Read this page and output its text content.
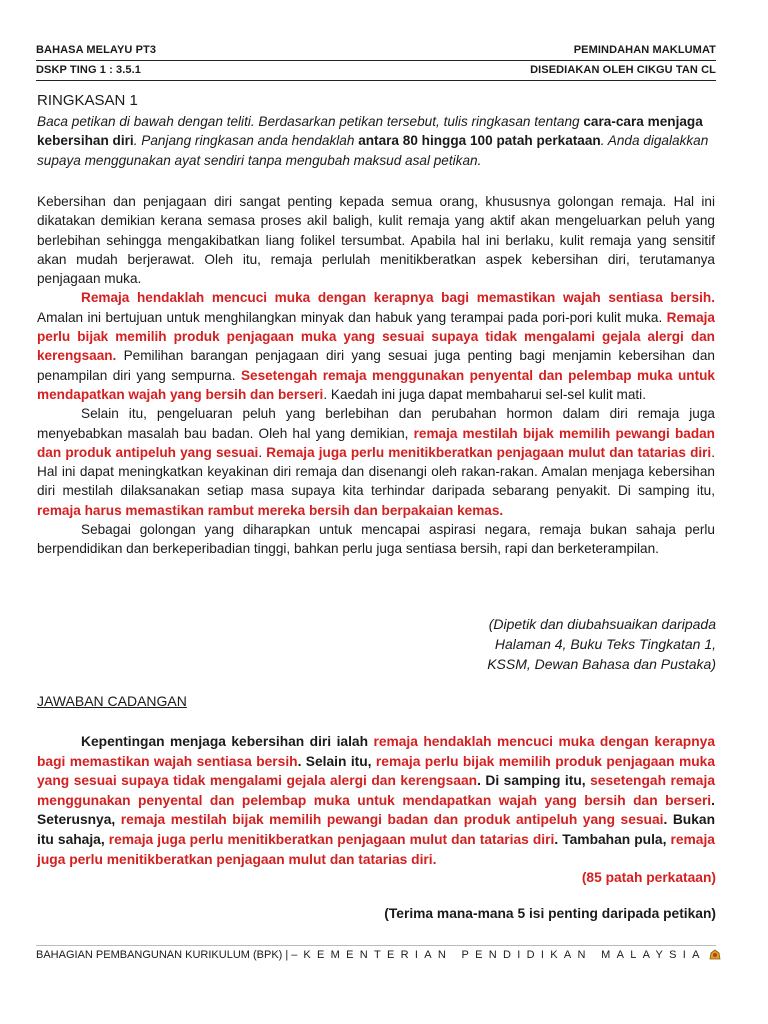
BAHASA MELAYU PT3	PEMINDAHAN MAKLUMAT
DSKP TING 1 : 3.5.1	DISEDIAKAN OLEH CIKGU TAN CL
RINGKASAN 1
Baca petikan di bawah dengan teliti. Berdasarkan petikan tersebut, tulis ringkasan tentang cara-cara menjaga kebersihan diri. Panjang ringkasan anda hendaklah antara 80 hingga 100 patah perkataan. Anda digalakkan supaya menggunakan ayat sendiri tanpa mengubah maksud asal petikan.

Kebersihan dan penjagaan diri sangat penting kepada semua orang, khususnya golongan remaja. Hal ini dikatakan demikian kerana semasa proses akil baligh, kulit remaja yang aktif akan mengeluarkan peluh yang berlebihan sehingga mengakibatkan liang folikel tersumbat. Apabila hal ini berlaku, kulit remaja yang sensitif akan mudah berjerawat. Oleh itu, remaja perlulah menitikberatkan aspek kebersihan diri, terutamanya penjagaan muka.

Remaja hendaklah mencuci muka dengan kerapnya bagi memastikan wajah sentiasa bersih. Amalan ini bertujuan untuk menghilangkan minyak dan habuk yang terampai pada pori-pori kulit muka. Remaja perlu bijak memilih produk penjagaan muka yang sesuai supaya tidak mengalami gejala alergi dan kerengsaan. Pemilihan barangan penjagaan diri yang sesuai juga penting bagi menjamin kebersihan dan penampilan diri yang sempurna. Sesetengah remaja menggunakan penyental dan pelembap muka untuk mendapatkan wajah yang bersih dan berseri. Kaedah ini juga dapat membaharui sel-sel kulit mati.

Selain itu, pengeluaran peluh yang berlebihan dan perubahan hormon dalam diri remaja juga menyebabkan masalah bau badan. Oleh hal yang demikian, remaja mestilah bijak memilih pewangi badan dan produk antipeluh yang sesuai. Remaja juga perlu menitikberatkan penjagaan mulut dan tatarias diri. Hal ini dapat meningkatkan keyakinan diri remaja dan disenangi oleh rakan-rakan. Amalan menjaga kebersihan diri mestilah dilaksanakan setiap masa supaya kita terhindar daripada sebarang penyakit. Di samping itu, remaja harus memastikan rambut mereka bersih dan berpakaian kemas.

Sebagai golongan yang diharapkan untuk mencapai aspirasi negara, remaja bukan sahaja perlu berpendidikan dan berkeperibadian tinggi, bahkan perlu juga sentiasa bersih, rapi dan berketerampilan.

(Dipetik dan diubahsuaikan daripada
Halaman 4, Buku Teks Tingkatan 1,
KSSM, Dewan Bahasa dan Pustaka)
JAWABAN CADANGAN
Kepentingan menjaga kebersihan diri ialah remaja hendaklah mencuci muka dengan kerapnya bagi memastikan wajah sentiasa bersih. Selain itu, remaja perlu bijak memilih produk penjagaan muka yang sesuai supaya tidak mengalami gejala alergi dan kerengsaan. Di samping itu, sesetengah remaja menggunakan penyental dan pelembap muka untuk mendapatkan wajah yang bersih dan berseri. Seterusnya, remaja mestilah bijak memilih pewangi badan dan produk antipeluh yang sesuai. Bukan itu sahaja, remaja juga perlu menitikberatkan penjagaan mulut dan tatarias diri. Tambahan pula, remaja juga perlu menitikberatkan penjagaan mulut dan tatarias diri.
(85 patah perkataan)
(Terima mana-mana 5 isi penting daripada petikan)
BAHAGIAN PEMBANGUNAN KURIKULUM (BPK) | – KEMENTERIAN PENDIDIKAN MALAYSIA
